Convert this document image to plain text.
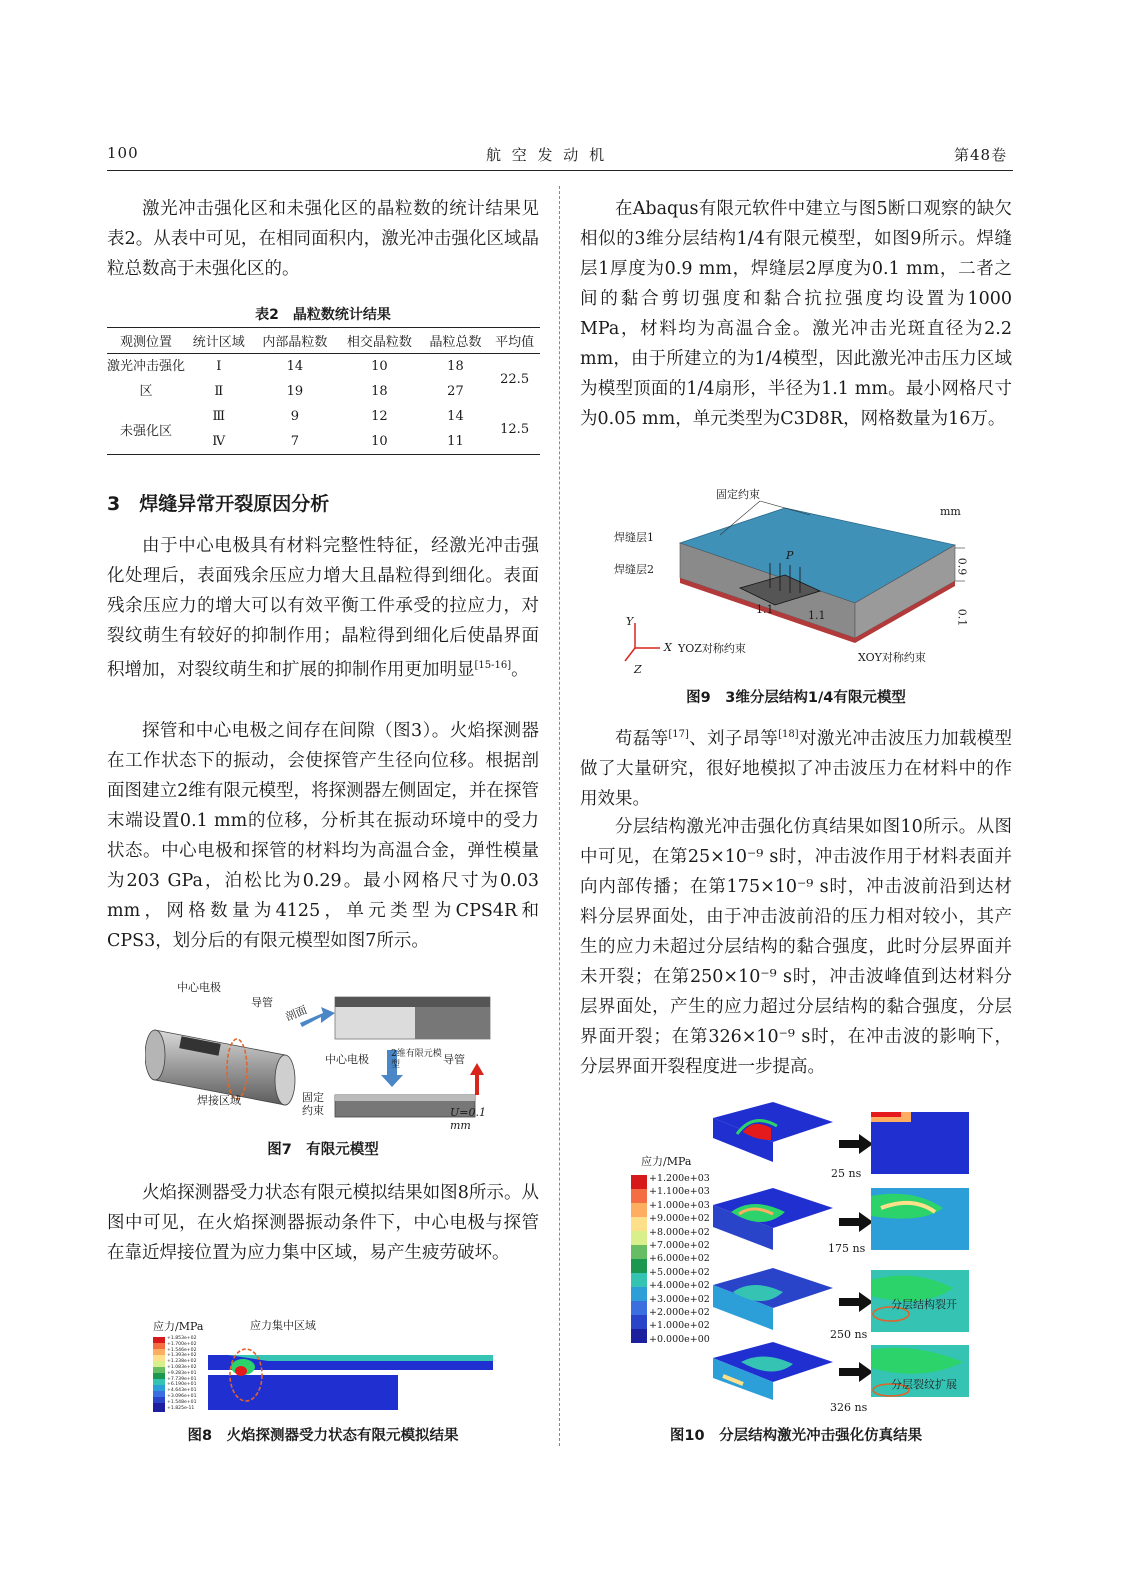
100	航 空 发 动 机	第48卷

激光冲击强化区和未强化区的晶粒数的统计结果见表2。从表中可见，在相同面积内，激光冲击强化区域晶粒总数高于未强化区的。

表2　晶粒数统计结果
观测位置	统计区域	内部晶粒数	相交晶粒数	晶粒总数	平均值
激光冲击强化区	Ⅰ	14	10	18	22.5
	Ⅱ	19	18	27	
未强化区	Ⅲ	9	12	14	12.5
	Ⅳ	7	10	11	
3　焊缝异常开裂原因分析

由于中心电极具有材料完整性特征，经激光冲击强化处理后，表面残余压应力增大且晶粒得到细化。表面残余压应力的增大可以有效平衡工件承受的拉应力，对裂纹萌生有较好的抑制作用；晶粒得到细化后使晶界面积增加，对裂纹萌生和扩展的抑制作用更加明显[15-16]。

探管和中心电极之间存在间隙（图3）。火焰探测器在工作状态下的振动，会使探管产生径向位移。根据剖面图建立2维有限元模型，将探测器左侧固定，并在探管末端设置0.1 mm的位移，分析其在振动环境中的受力状态。中心电极和探管的材料均为高温合金，弹性模量为203 GPa，泊松比为0.29。最小网格尺寸为0.03 mm，网格数量为4125，单元类型为CPS4R和CPS3，划分后的有限元模型如图7所示。

中心电极
导管
剖面
焊接区域
中心电极 2维有限元模型	导管
固定约束	U=0.1 mm
图7　有限元模型

火焰探测器受力状态有限元模拟结果如图8所示。从图中可见，在火焰探测器振动条件下，中心电极与探管在靠近焊接位置为应力集中区域，易产生疲劳破坏。

应力/MPa
+1.853e+02
+1.700e+02
+1.546e+02
+1.393e+02
+1.238e+02
+1.083e+02
+9.283e+01
+7.739e+01
+6.190e+01
+4.643e+01
+3.096e+01
+1.548e+01
+1.825e-11
应力集中区域
图8　火焰探测器受力状态有限元模拟结果

在Abaqus有限元软件中建立与图5断口观察的缺欠相似的3维分层结构1/4有限元模型，如图9所示。焊缝层1厚度为0.9 mm，焊缝层2厚度为0.1 mm，二者之间的黏合剪切强度和黏合抗拉强度均设置为1000 MPa，材料均为高温合金。激光冲击光斑直径为2.2 mm，由于所建立的为1/4模型，因此激光冲击压力区域为模型顶面的1/4扇形，半径为1.1 mm。最小网格尺寸为0.05 mm，单元类型为C3D8R，网格数量为16万。

固定约束
mm
焊缝层1
焊缝层2
P
1.1	1.1
0.9
0.1
Y
X
Z
YOZ对称约束
XOY对称约束
图9　3维分层结构1/4有限元模型

苟磊等[17]、刘子昂等[18]对激光冲击波压力加载模型做了大量研究，很好地模拟了冲击波压力在材料中的作用效果。

分层结构激光冲击强化仿真结果如图10所示。从图中可见，在第25×10⁻⁹ s时，冲击波作用于材料表面并向内部传播；在第175×10⁻⁹ s时，冲击波前沿到达材料分层界面处，由于冲击波前沿的压力相对较小，其产生的应力未超过分层结构的黏合强度，此时分层界面并未开裂；在第250×10⁻⁹ s时，冲击波峰值到达材料分层界面处，产生的应力超过分层结构的黏合强度，分层界面开裂；在第326×10⁻⁹ s时，在冲击波的影响下，分层界面开裂程度进一步提高。

应力/MPa
+1.200e+03
+1.100e+03
+1.000e+03
+9.000e+02
+8.000e+02
+7.000e+02
+6.000e+02
+5.000e+02
+4.000e+02
+3.000e+02
+2.000e+02
+1.000e+02
+0.000e+00
25 ns
175 ns
250 ns
326 ns
分层结构裂开
分层裂纹扩展
图10　分层结构激光冲击强化仿真结果
